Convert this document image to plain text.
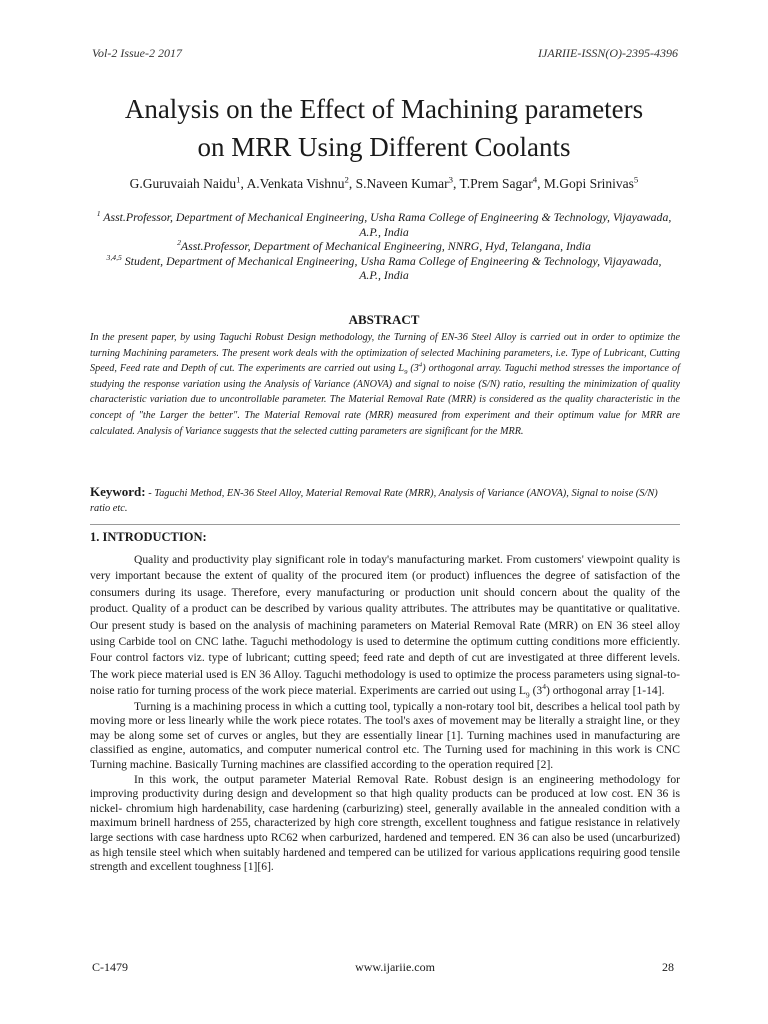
Vol-2 Issue-2 2017	IJARIIE-ISSN(O)-2395-4396
Analysis on the Effect of Machining parameters
on MRR Using Different Coolants
G.Guruvaiah Naidu$^1$, A.Venkata Vishnu$^2$, S.Naveen Kumar$^3$, T.Prem Sagar$^4$, M.Gopi Srinivas$^5$
$^1$ Asst.Professor, Department of Mechanical Engineering, Usha Rama College of Engineering & Technology, Vijayawada, A.P., India
$^2$Asst.Professor, Department of Mechanical Engineering, NNRG, Hyd, Telangana, India
$^{3,4,5}$ Student, Department of Mechanical Engineering, Usha Rama College of Engineering & Technology, Vijayawada, A.P., India
ABSTRACT
In the present paper, by using Taguchi Robust Design methodology, the Turning of EN-36 Steel Alloy is carried out in order to optimize the turning Machining parameters. The present work deals with the optimization of selected Machining parameters, i.e. Type of Lubricant, Cutting Speed, Feed rate and Depth of cut. The experiments are carried out using $L_9$ $(3^4)$ orthogonal array. Taguchi method stresses the importance of studying the response variation using the Analysis of Variance (ANOVA) and signal to noise (S/N) ratio, resulting the minimization of quality characteristic variation due to uncontrollable parameter. The Material Removal Rate (MRR) is considered as the quality characteristic in the concept of "the Larger the better". The Material Removal rate (MRR) measured from experiment and their optimum value for MRR are calculated. Analysis of Variance suggests that the selected cutting parameters are significant for the MRR.
Keyword: - Taguchi Method, EN-36 Steel Alloy, Material Removal Rate (MRR), Analysis of Variance (ANOVA), Signal to noise (S/N) ratio etc.
1. INTRODUCTION:

Quality and productivity play significant role in today's manufacturing market. From customers' viewpoint quality is very important because the extent of quality of the procured item (or product) influences the degree of satisfaction of the consumers during its usage. Therefore, every manufacturing or production unit should concern about the quality of the product. Quality of a product can be described by various quality attributes. The attributes may be quantitative or qualitative. Our present study is based on the analysis of machining parameters on Material Removal Rate (MRR) on EN 36 steel alloy using Carbide tool on CNC lathe. Taguchi methodology is used to determine the optimum cutting conditions more efficiently. Four control factors viz. type of lubricant; cutting speed; feed rate and depth of cut are investigated at three different levels. The work piece material used is EN 36 Alloy. Taguchi methodology is used to optimize the process parameters using signal-to-noise ratio for turning process of the work piece material. Experiments are carried out using $L_9$ $(3^4)$ orthogonal array [1-14].

Turning is a machining process in which a cutting tool, typically a non-rotary tool bit, describes a helical tool path by moving more or less linearly while the work piece rotates. The tool's axes of movement may be literally a straight line, or they may be along some set of curves or angles, but they are essentially linear [1]. Turning machines used in manufacturing are classified as engine, automatics, and computer numerical control etc. The Turning used for machining in this work is CNC Turning machine. Basically Turning machines are classified according to the operation required [2].

In this work, the output parameter Material Removal Rate. Robust design is an engineering methodology for improving productivity during design and development so that high quality products can be produced at low cost. EN 36 is nickel- chromium high hardenability, case hardening (carburizing) steel, generally available in the annealed condition with a maximum brinell hardness of 255, characterized by high core strength, excellent toughness and fatigue resistance in relatively large sections with case hardness upto RC62 when carburized, hardened and tempered. EN 36 can also be used (uncarburized) as high tensile steel which when suitably hardened and tempered can be utilized for various applications requiring good tensile strength and excellent toughness [1][6].

C-1479	www.ijariie.com	28
